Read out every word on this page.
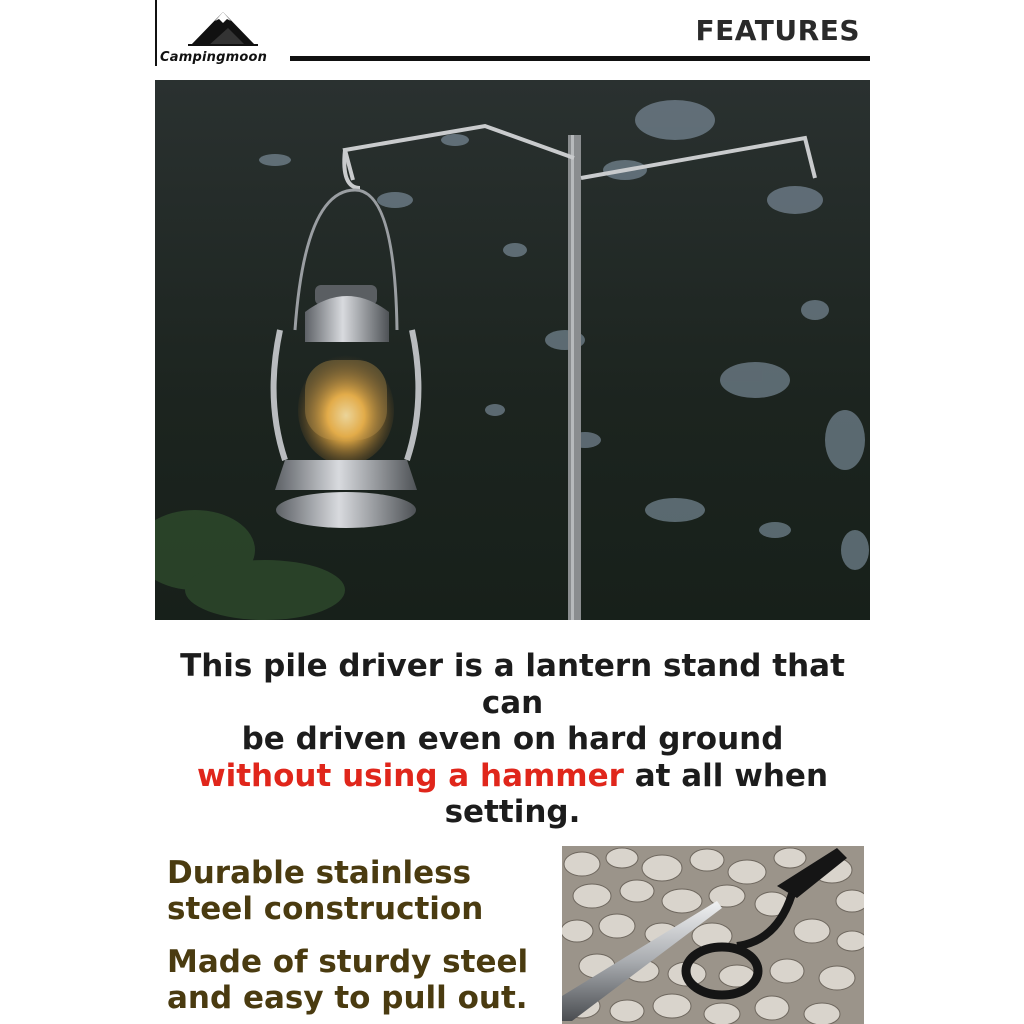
Campingmoon
FEATURES
This pile driver is a lantern stand that can
be driven even on hard ground
without using a hammer at all when
setting.
Durable stainless steel construction
Made of sturdy steel and easy to pull out.
